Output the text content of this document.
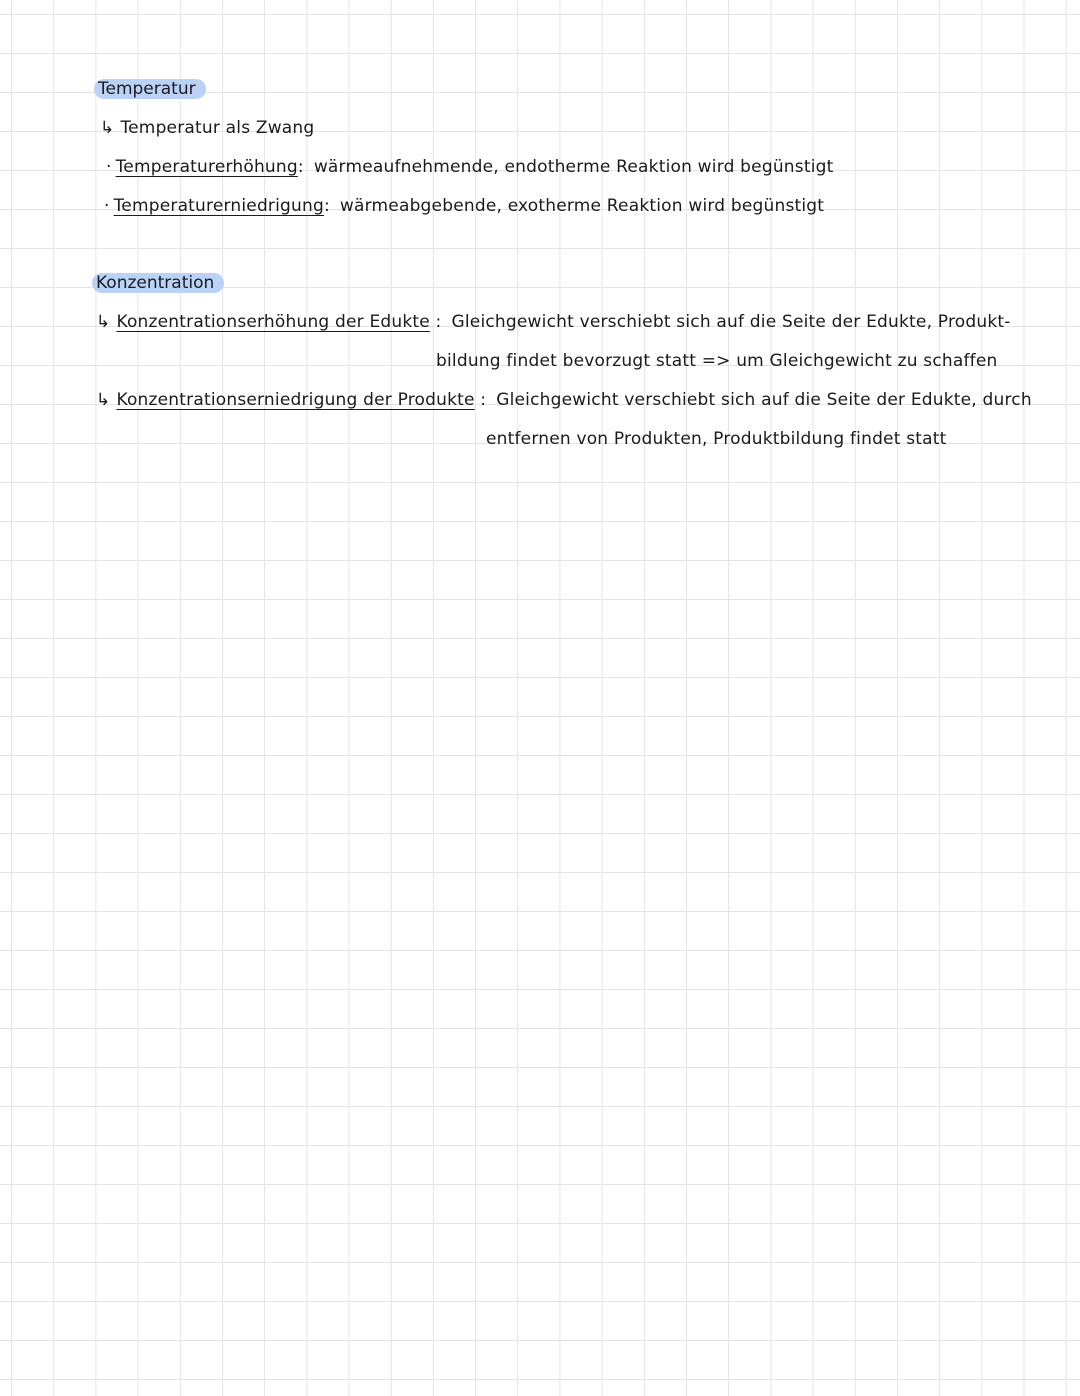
Temperatur
↳ Temperatur als Zwang
· Temperaturerhöhung: wärmeaufnehmende, endotherme Reaktion wird begünstigt
· Temperaturerniedrigung: wärmeabgebende, exotherme Reaktion wird begünstigt
Konzentration
↳ Konzentrationserhöhung der Edukte : Gleichgewicht verschiebt sich auf die Seite der Edukte, Produkt-
bildung findet bevorzugt statt => um Gleichgewicht zu schaffen
↳ Konzentrationserniedrigung der Produkte : Gleichgewicht verschiebt sich auf die Seite der Edukte, durch
entfernen von Produkten, Produktbildung findet statt
